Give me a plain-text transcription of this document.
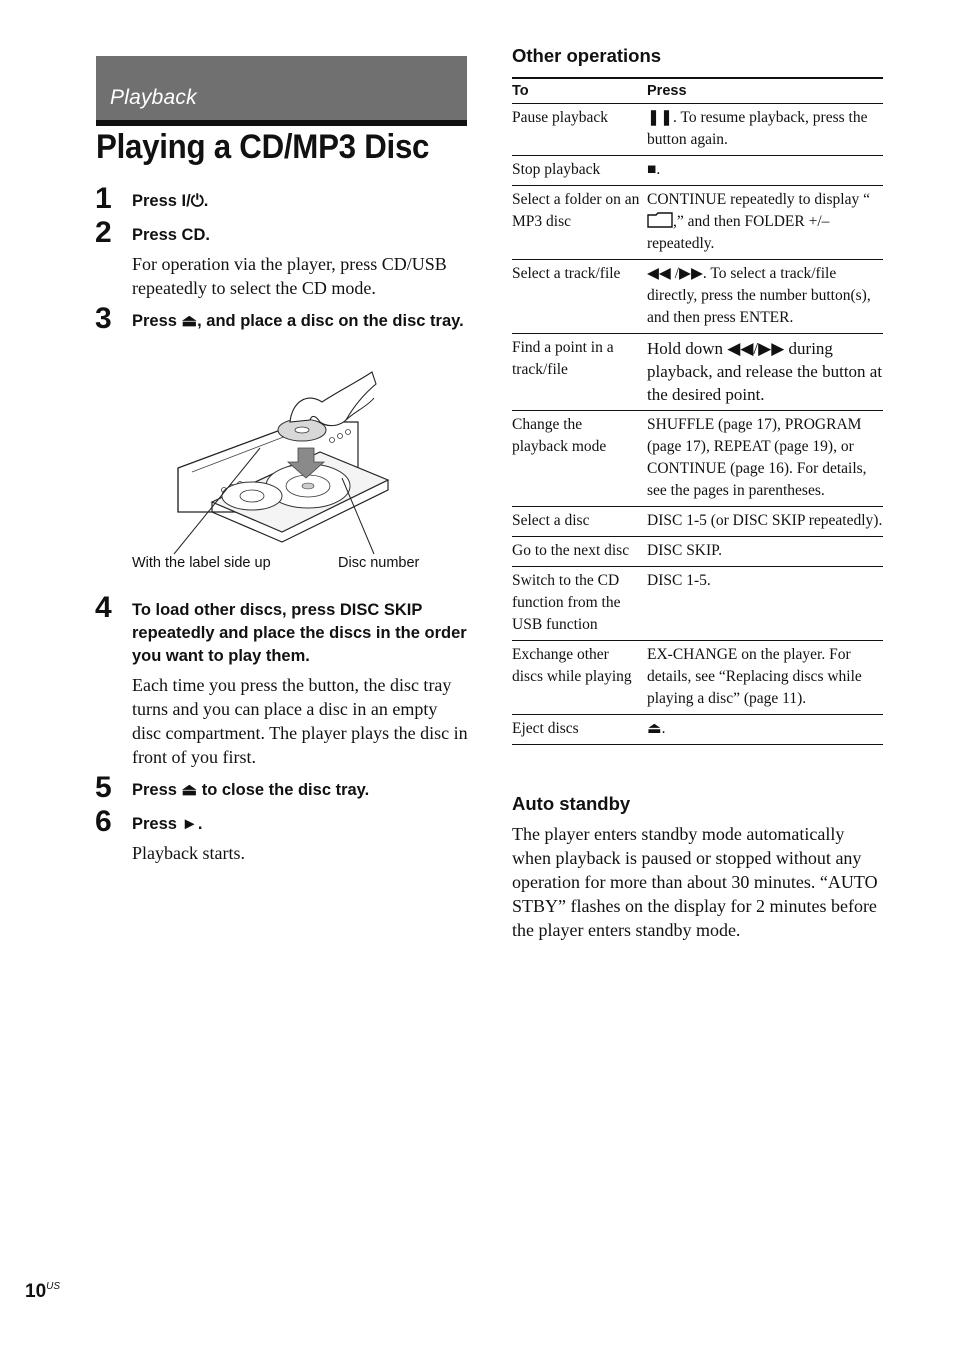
Playback
Playing a CD/MP3 Disc
1 Press I/⏻.
2 Press CD.
For operation via the player, press CD/USB repeatedly to select the CD mode.
3 Press ⏏, and place a disc on the disc tray.
With the label side up	Disc number
4 To load other discs, press DISC SKIP repeatedly and place the discs in the order you want to play them.
Each time you press the button, the disc tray turns and you can place a disc in an empty disc compartment. The player plays the disc in front of you first.
5 Press ⏏ to close the disc tray.
6 Press ►.
Playback starts.
Other operations
To	Press
Pause playback	❚❚. To resume playback, press the button again.
Stop playback	■.
Select a folder on an MP3 disc	CONTINUE repeatedly to display “,” and then FOLDER +/– repeatedly.
Select a track/file	◀◀ /▶▶. To select a track/file directly, press the number button(s), and then press ENTER.
Find a point in a track/file	Hold down ◀◀/▶▶ during playback, and release the button at the desired point.
Change the playback mode	SHUFFLE (page 17), PROGRAM (page 17), REPEAT (page 19), or CONTINUE (page 16). For details, see the pages in parentheses.
Select a disc	DISC 1-5 (or DISC SKIP repeatedly).
Go to the next disc	DISC SKIP.
Switch to the CD function from the USB function	DISC 1-5.
Exchange other discs while playing	EX-CHANGE on the player. For details, see “Replacing discs while playing a disc” (page 11).
Eject discs	⏏.
Auto standby
The player enters standby mode automatically when playback is paused or stopped without any operation for more than about 30 minutes. “AUTO STBY” flashes on the display for 2 minutes before the player enters standby mode.
$10^{US}$
